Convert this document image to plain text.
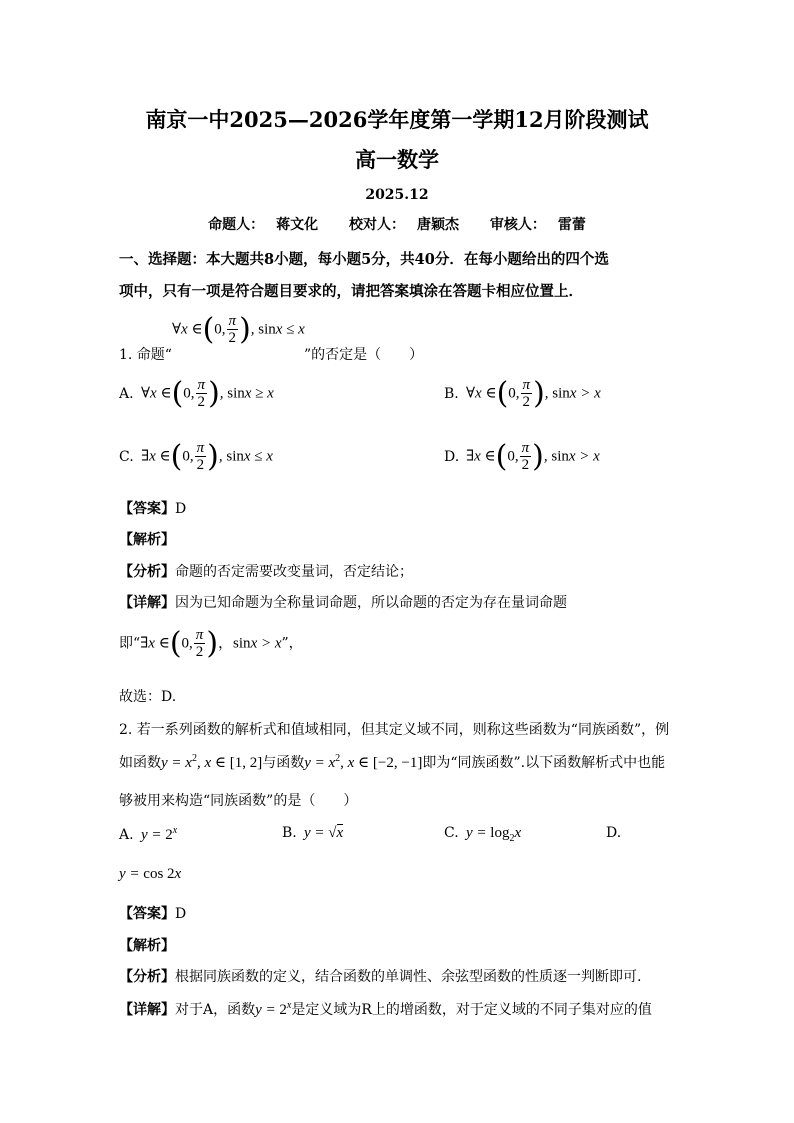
南京一中2025—2026学年度第一学期12月阶段测试
高一数学
2025.12
命题人： 蒋文化 校对人： 唐颖杰 审核人： 雷蕾
一、选择题：本大题共8小题，每小题5分，共40分．在每小题给出的四个选
项中，只有一项是符合题目要求的，请把答案填涂在答题卡相应位置上．
∀x ∈(0, $\frac{\pi}{2}$ ), sinx ≤ x
1. 命题“	”的否定是（　　）
A. ∀x ∈(0, $\frac{\pi}{2}$ ), sinx ≥ x	B. ∀x ∈(0, $\frac{\pi}{2}$ ), sinx > x
C. ∃x ∈(0, $\frac{\pi}{2}$ ), sinx ≤ x	D. ∃x ∈(0, $\frac{\pi}{2}$ ), sinx > x
【答案】D
【解析】
【分析】命题的否定需要改变量词，否定结论；
【详解】因为已知命题为全称量词命题，所以命题的否定为存在量词命题
即“∃x ∈(0, $\frac{\pi}{2}$ )，sinx > x”，
故选：D.
2. 若一系列函数的解析式和值域相同，但其定义域不同，则称这些函数为“同族函数”，例
如函数$y = x^2$, x ∈ [1, 2]与函数$y = x^2$, x ∈ [−2, −1]即为“同族函数”.以下函数解析式中也能
够被用来构造“同族函数”的是（　　）
A. $y = 2^x$	B. y = √x	C. $y = \log_2x$	D.
y = cos 2x
【答案】D
【解析】
【分析】根据同族函数的定义，结合函数的单调性、余弦型函数的性质逐一判断即可.
【详解】对于A，函数$y = 2^x$是定义域为R上的增函数，对于定义域的不同子集对应的值
